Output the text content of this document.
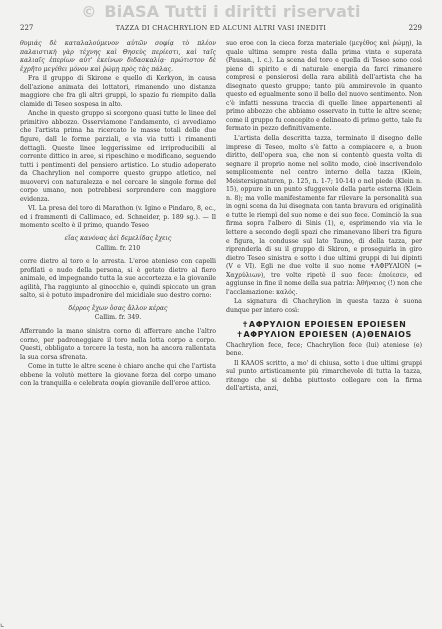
© BiASA Tutti i diritti riservati
227	TAZZA DI CHACHRYLION ED ALCUNI ALTRI VASI INEDITI	229

θυμιάς δὲ καταλαλούμενον αὐτῶν σοφίᾳ τὸ πλέον παλαιστικὴ γὰρ τέχνης καὶ Θησεὺς περίεστι, καὶ ταῖς καλιαῖς ἐπερίων αὐτ' ἐκείνων διδασκαλίᾳ· πρώτιστον δὲ ἐχρῆτο μεγέθει μόνον καὶ ῥώμῃ πρὸς τὰς πάλας.

Fra il gruppo di Skirone e quello di Kerkyon, in causa dell'azione animata dei lottatori, rimanendo uno distanza maggiore che fra gli altri gruppi, lo spazio fu riempito dalla clamide di Teseo sospesa in alto.

Anche in questo gruppo si scorgono quasi tutte le linee del primitivo abbozzo. Osserviamone l'andamento, ci avvediamo che l'artista prima ha ricercato le masse totali delle due figure, dall le forme parziali, e via via tutti i rimanenti dettagli. Queste linee leggerissime ed irriproducibili al corrente dittico in aree, si ripeschino e modificano, seguendo tutti i pentimenti del pensiero artistico. Lo studio adoperato da Chachrylion nel comporre questo gruppo atletico, nel muovervi con naturalezza e nel cercare le singole forme del corpo umano, non potrebbesi sorprendere con maggiore evidenza.

VI. La presa del toro di Marathon (v. Igino e Pindaro, 8, ec., ed i frammenti di Callimaco, ed. Schneider, p. 189 sg.). — Il momento scelto è il primo, quando Teseo

εἴας κανόνας ἀεὶ δεμελίδας ἔχεις

Callim. fr. 210

corre dietro al toro e lo arresta. L'eroe atenieso con capelli profilati e nudo della persona, si è getato dietro al fiero animale, ed impegnando tutta la sue accortezza e la giovanile agilità, l'ha raggiunto al ginocchio e, quindi spiccato un gran salto, si è potuto impadronire del micidiale suo destro corno:

δέρρος ἔχων ὅσας ἄλλον κέρας

Callim. fr. 349.

Afferrando la mano sinistra corno di afferrare anche l'altro corno, per padroneggiare il toro nella lotta corpo a corpo. Questi, obbligato a torcere la testa, non ha ancora rallentata la sua corsa sfrenata.

Come in tutte le altre scene è chiaro anche qui che l'artista ebbene la volutò mettere la giovane forza del corpo umano con la tranquilla e celebrata σοφία giovanile dell'eroe attico.

suo eroe con la cieca forza materiale (μεγέθος καὶ ῥώμῃ), la quale ultima sempre resta dalla prima vinta e superata (Pausan., l. c.). La scena del toro e quella di Teseo sono così piene di spirito e di naturale energia da farci rimanere compresi e pensierosi della rara abilità dell'artista che ha disegnato questo gruppo; tanto più ammirevole in quanto questo ed egualmente sono il bello del nuovo sentimento. Non c'è infatti nessuna traccia di quelle linee appartenenti al primo abbozzo che abbiamo osservato in tutte le altre scene; come il gruppo fu concepito e delineato di primo getto, tale fu fermato in pezzo definitivamente.

L'artista della descritta tazza, terminato il disegno delle imprese di Teseo, molto s'è fatto a compiacere e, a buon diritto, dell'opera sua, che non si contentò questa volta di segnare il proprio nome nel solito modo, cioè inscrivendolo semplicemente nel centro interno della tazza (Klein, Meistersignaturen, p. 125, n. 1-7; 10-14) o nel piede (Klein n. 15), oppure in un punto sfuggevole della parte esterna (Klein n. 8); ma volle manifestamente far rilevare la personalità sua in ogni scena da lui disegnata con tanta bravura ed originalità e tutte le riempì del suo nome e dei suo fece. Cominciò la sua firma sopra l'albero di Sinis (1), e, esprimendo via via le lettere a secondo degli spazi che rimanevano liberi tra figura e figura, la condusse sul lato Tauno, di della tazza, per riprenderla di su il gruppo di Skiron, e proseguirla in giro dietro Teseo sinistra e sotto i due ultimi gruppi di lui dipinti (V e VI). Egli ne due volte il suo nome ✝ΑΦΡΥΛΙΟΝ (= Χαχρύλιων), tre volte ripetè il suo fece: ἐποίεσεν, ed aggiunse in fine il nome della sua patria: Ἀθήναιος (!) non che l'acclamazione: καλός.

La signatura di Chachrylion in questa tazza è suona dunque per intero così:

✝ΑΦΡΥΛΙΟΝ ΕΡΟΙΕSΕΝ ΕΡΟΙΕSΕΝ
✝ΑΦΡΥΛΙΟΝ ΕΡΟΙΕSΕΝ (Α)ΘΕΝΑΙΟS

Chachrylion fece, fece; Chachrylion fece (lui) ateniese (e) bene.

Il ΚΑΛΟS scritto, a mo' di chiusa, sotto i due ultimi gruppi sul punto artisticamente più rimarchevole di tutta la tazza, ritengo che si debba piuttosto collegare con la firma dell'artista, anzi,

⌞
